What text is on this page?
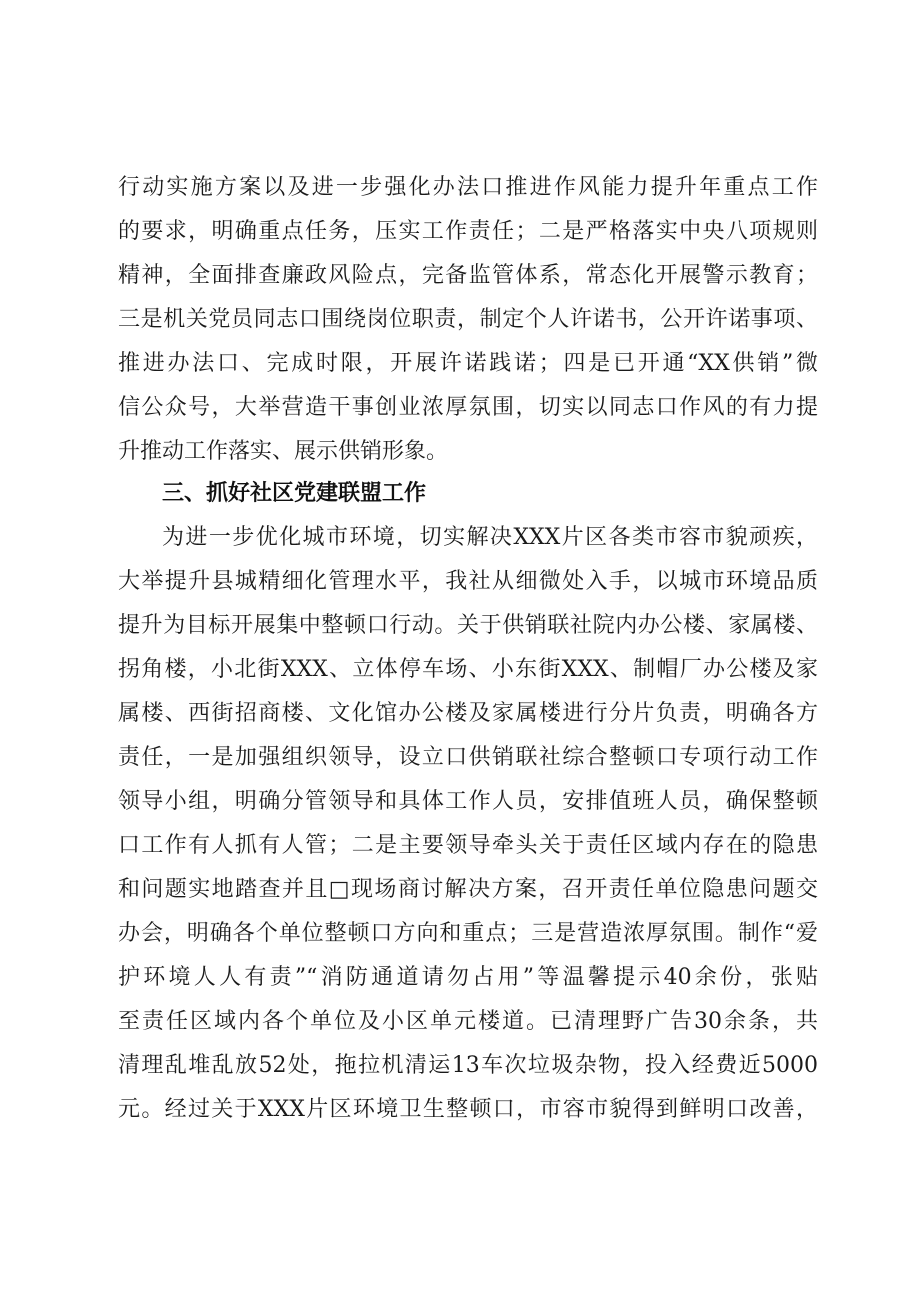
行动实施方案以及进一步强化办法口推进作风能力提升年重点工作
的要求，明确重点任务，压实工作责任；二是严格落实中央八项规则
精神，全面排查廉政风险点，完备监管体系，常态化开展警示教育；
三是机关党员同志口围绕岗位职责，制定个人许诺书，公开许诺事项、
推进办法口、完成时限，开展许诺践诺；四是已开通“XX供销”微
信公众号，大举营造干事创业浓厚氛围，切实以同志口作风的有力提
升推动工作落实、展示供销形象。
三、抓好社区党建联盟工作
为进一步优化城市环境，切实解决XXX片区各类市容市貌顽疾，
大举提升县城精细化管理水平，我社从细微处入手，以城市环境品质
提升为目标开展集中整顿口行动。关于供销联社院内办公楼、家属楼、
拐角楼，小北街XXX、立体停车场、小东街XXX、制帽厂办公楼及家
属楼、西街招商楼、文化馆办公楼及家属楼进行分片负责，明确各方
责任，一是加强组织领导，设立口供销联社综合整顿口专项行动工作
领导小组，明确分管领导和具体工作人员，安排值班人员，确保整顿
口工作有人抓有人管；二是主要领导牵头关于责任区域内存在的隐患
和问题实地踏查并且□现场商讨解决方案，召开责任单位隐患问题交
办会，明确各个单位整顿口方向和重点；三是营造浓厚氛围。制作“爱
护环境人人有责”“消防通道请勿占用”等温馨提示40余份，张贴
至责任区域内各个单位及小区单元楼道。已清理野广告30余条，共
清理乱堆乱放52处，拖拉机清运13车次垃圾杂物，投入经费近5000
元。经过关于XXX片区环境卫生整顿口，市容市貌得到鲜明口改善，
